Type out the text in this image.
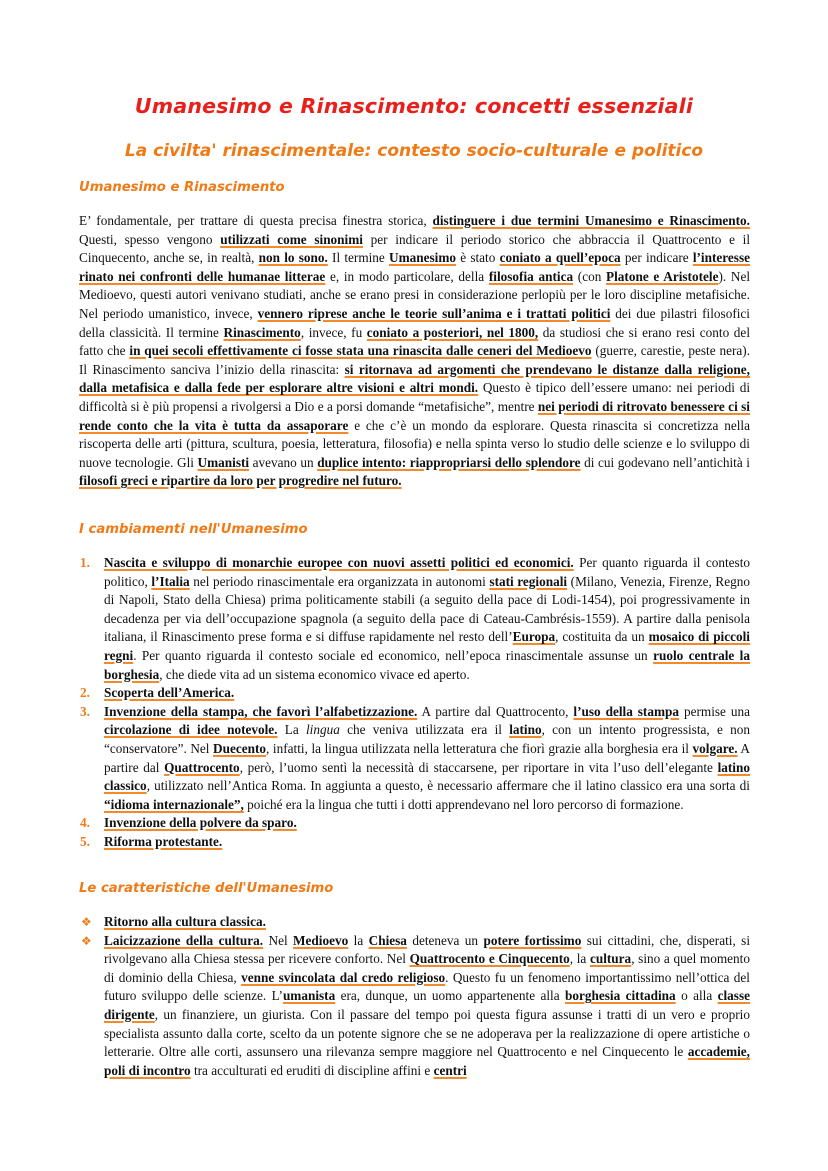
Umanesimo e Rinascimento: concetti essenziali
La civilta' rinascimentale: contesto socio-culturale e politico
Umanesimo e Rinascimento

E’ fondamentale, per trattare di questa precisa finestra storica, distinguere i due termini Umanesimo e Rinascimento. Questi, spesso vengono utilizzati come sinonimi per indicare il periodo storico che abbraccia il Quattrocento e il Cinquecento, anche se, in realtà, non lo sono. Il termine Umanesimo è stato coniato a quell’epoca per indicare l’interesse rinato nei confronti delle humanae litterae e, in modo particolare, della filosofia antica (con Platone e Aristotele). Nel Medioevo, questi autori venivano studiati, anche se erano presi in considerazione perlopiù per le loro discipline metafisiche. Nel periodo umanistico, invece, vennero riprese anche le teorie sull’anima e i trattati politici dei due pilastri filosofici della classicità. Il termine Rinascimento, invece, fu coniato a posteriori, nel 1800, da studiosi che si erano resi conto del fatto che in quei secoli effettivamente ci fosse stata una rinascita dalle ceneri del Medioevo (guerre, carestie, peste nera). Il Rinascimento sanciva l’inizio della rinascita: si ritornava ad argomenti che prendevano le distanze dalla religione, dalla metafisica e dalla fede per esplorare altre visioni e altri mondi. Questo è tipico dell’essere umano: nei periodi di difficoltà si è più propensi a rivolgersi a Dio e a porsi domande “metafisiche”, mentre nei periodi di ritrovato benessere ci si rende conto che la vita è tutta da assaporare e che c’è un mondo da esplorare. Questa rinascita si concretizza nella riscoperta delle arti (pittura, scultura, poesia, letteratura, filosofia) e nella spinta verso lo studio delle scienze e lo sviluppo di nuove tecnologie. Gli Umanisti avevano un duplice intento: riappropriarsi dello splendore di cui godevano nell’antichità i filosofi greci e ripartire da loro per progredire nel futuro.

I cambiamenti nell'Umanesimo
1. Nascita e sviluppo di monarchie europee con nuovi assetti politici ed economici. Per quanto riguarda il contesto politico, l’Italia nel periodo rinascimentale era organizzata in autonomi stati regionali (Milano, Venezia, Firenze, Regno di Napoli, Stato della Chiesa) prima politicamente stabili (a seguito della pace di Lodi-1454), poi progressivamente in decadenza per via dell’occupazione spagnola (a seguito della pace di Cateau-Cambrésis-1559). A partire dalla penisola italiana, il Rinascimento prese forma e si diffuse rapidamente nel resto dell’Europa, costituita da un mosaico di piccoli regni. Per quanto riguarda il contesto sociale ed economico, nell’epoca rinascimentale assunse un ruolo centrale la borghesia, che diede vita ad un sistema economico vivace ed aperto.
2. Scoperta dell’America.
3. Invenzione della stampa, che favorì l’alfabetizzazione. A partire dal Quattrocento, l’uso della stampa permise una circolazione di idee notevole. La lingua che veniva utilizzata era il latino, con un intento progressista, e non “conservatore”. Nel Duecento, infatti, la lingua utilizzata nella letteratura che fiorì grazie alla borghesia era il volgare. A partire dal Quattrocento, però, l’uomo sentì la necessità di staccarsene, per riportare in vita l’uso dell’elegante latino classico, utilizzato nell’Antica Roma. In aggiunta a questo, è necessario affermare che il latino classico era una sorta di “idioma internazionale”, poiché era la lingua che tutti i dotti apprendevano nel loro percorso di formazione.
4. Invenzione della polvere da sparo.
5. Riforma protestante.
Le caratteristiche dell'Umanesimo
❖ Ritorno alla cultura classica.
❖ Laicizzazione della cultura. Nel Medioevo la Chiesa deteneva un potere fortissimo sui cittadini, che, disperati, si rivolgevano alla Chiesa stessa per ricevere conforto. Nel Quattrocento e Cinquecento, la cultura, sino a quel momento di dominio della Chiesa, venne svincolata dal credo religioso. Questo fu un fenomeno importantissimo nell’ottica del futuro sviluppo delle scienze. L’umanista era, dunque, un uomo appartenente alla borghesia cittadina o alla classe dirigente, un finanziere, un giurista. Con il passare del tempo poi questa figura assunse i tratti di un vero e proprio specialista assunto dalla corte, scelto da un potente signore che se ne adoperava per la realizzazione di opere artistiche o letterarie. Oltre alle corti, assunsero una rilevanza sempre maggiore nel Quattrocento e nel Cinquecento le accademie, poli di incontro tra acculturati ed eruditi di discipline affini e centri
